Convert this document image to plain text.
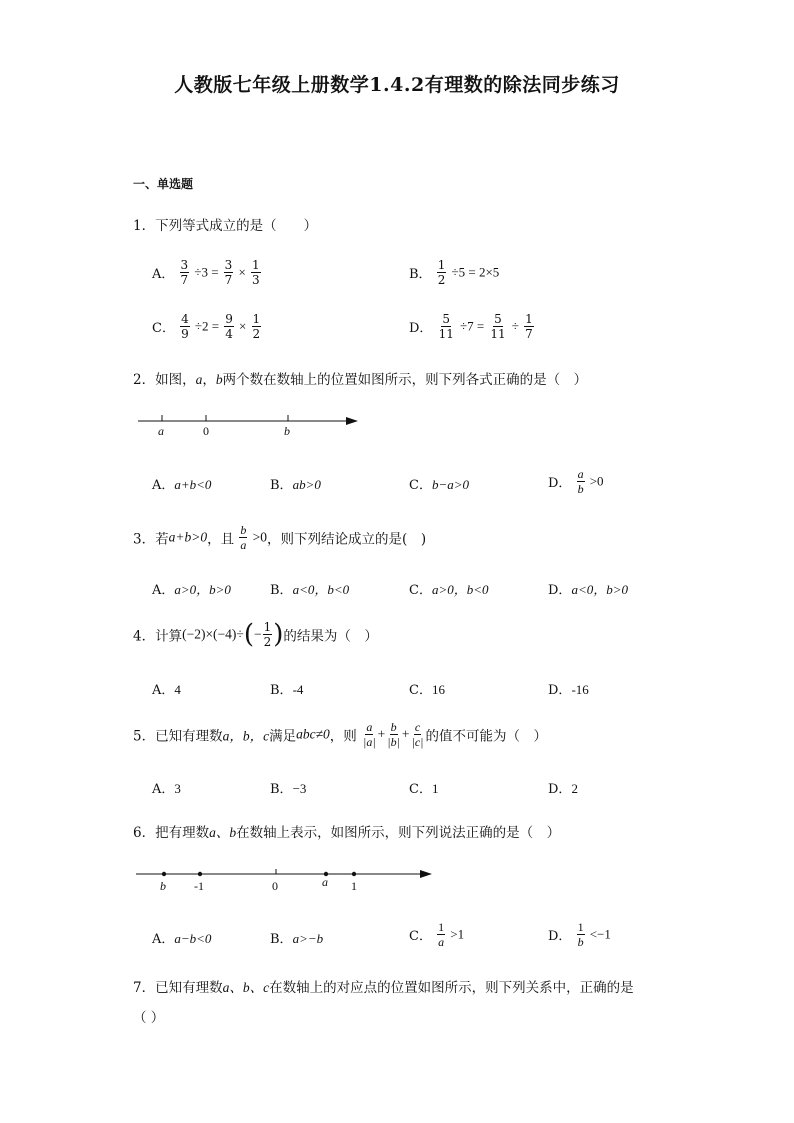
人教版七年级上册数学1.4.2有理数的除法同步练习
一、单选题
1．下列等式成立的是（　　）
A． $\frac{3}{7} \div 3 = \frac{3}{7} \times \frac{1}{3}$	B． $\frac{1}{2} \div 5 = 2\times 5$
C． $\frac{4}{9} \div 2 = \frac{9}{4} \times \frac{1}{2}$	D． $\frac{5}{11} \div 7 = \frac{5}{11} \div \frac{1}{7}$
2．如图，a，b两个数在数轴上的位置如图所示，则下列各式正确的是（　）
a	0	b
A．a+b<0	B．ab>0	C．b−a>0	D． $\frac{a}{b} >0$
3．若a+b>0，且 $\frac{b}{a} >0$，则下列结论成立的是(　)
A．a>0，b>0	B．a<0，b<0	C．a>0，b<0	D．a<0，b>0
4．计算$(-2)\times(-4)\div(- \frac{1}{2}$ )的结果为（　）
A．4	B．-4	C．16	D．-16
5．已知有理数a，b，c满足abc≠0，则 $\frac{a}{|a|} + \frac{b}{|b|} + \frac{c}{|c|}$ 的值不可能为（　）
A．3	B．−3	C．1	D．2
6．把有理数a、b在数轴上表示，如图所示，则下列说法正确的是（　）
b -1	0	a 1
A．a−b<0	B．a>−b	C． $\frac{1}{a} >1$	D． $\frac{1}{b} <-1$
7．已知有理数a、b、c在数轴上的对应点的位置如图所示，则下列关系中，正确的是
（ ）
